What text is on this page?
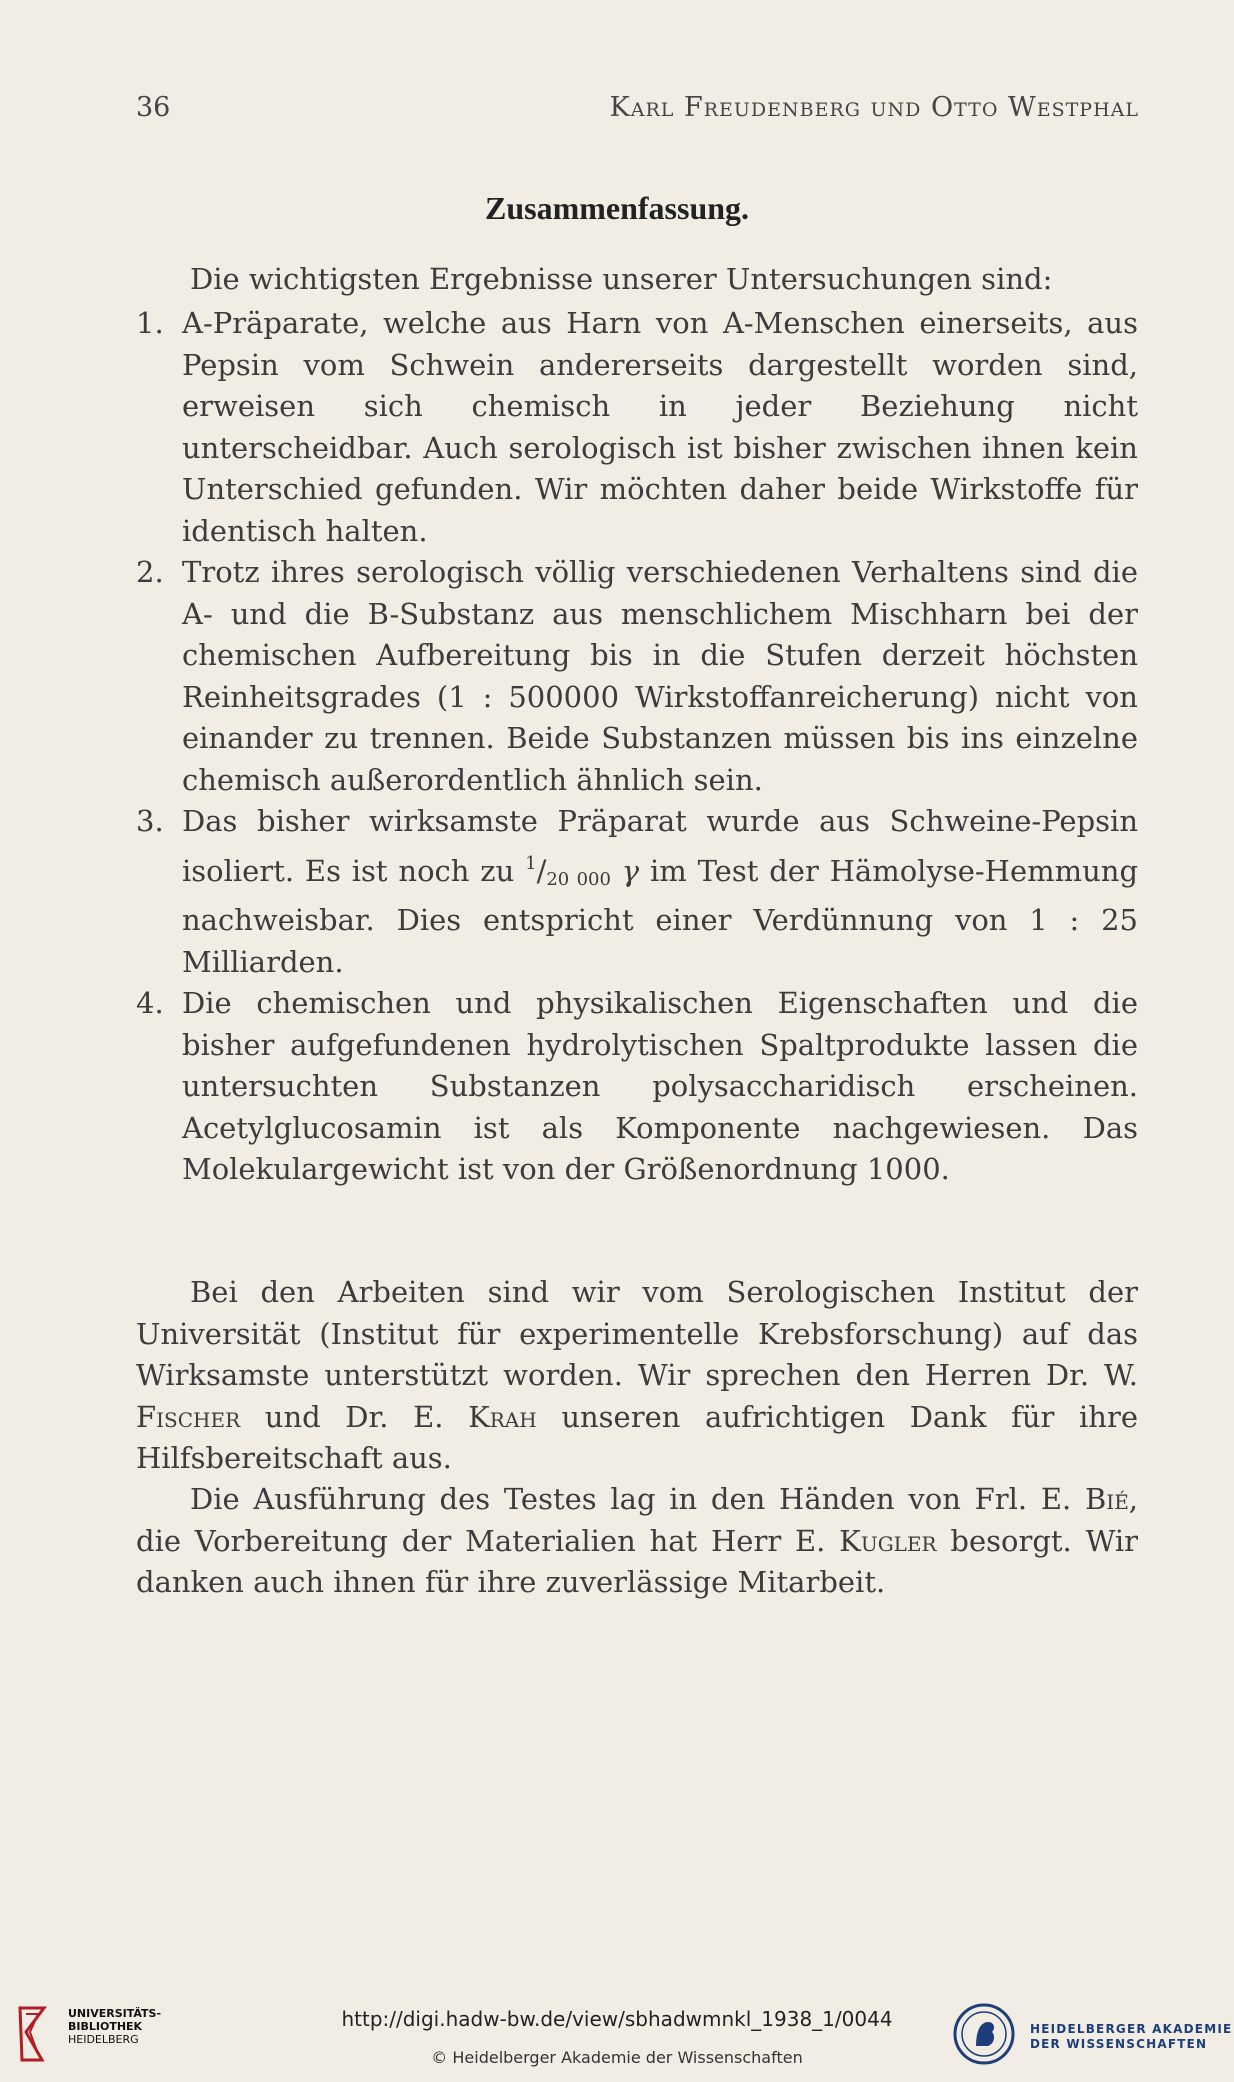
36	Karl Freudenberg und Otto Westphal
Zusammenfassung.

Die wichtigsten Ergebnisse unserer Untersuchungen sind:

1. A-Präparate, welche aus Harn von A-Menschen einerseits, aus Pepsin vom Schwein andererseits dargestellt worden sind, erweisen sich chemisch in jeder Beziehung nicht unterscheidbar. Auch serologisch ist bisher zwischen ihnen kein Unterschied gefunden. Wir möchten daher beide Wirkstoffe für identisch halten.
2. Trotz ihres serologisch völlig verschiedenen Verhaltens sind die A- und die B-Substanz aus menschlichem Mischharn bei der chemischen Aufbereitung bis in die Stufen derzeit höchsten Reinheitsgrades (1 : 500000 Wirkstoffanreicherung) nicht von einander zu trennen. Beide Substanzen müssen bis ins einzelne chemisch außerordentlich ähnlich sein.
3. Das bisher wirksamste Präparat wurde aus Schweine-Pepsin isoliert. Es ist noch zu $^1/_{20 000}$ γ im Test der Hämolyse-Hemmung nachweisbar. Dies entspricht einer Verdünnung von 1 : 25 Milliarden.
4. Die chemischen und physikalischen Eigenschaften und die bisher aufgefundenen hydrolytischen Spaltprodukte lassen die untersuchten Substanzen polysaccharidisch erscheinen. Acetylglucosamin ist als Komponente nachgewiesen. Das Molekulargewicht ist von der Größenordnung 1000.

Bei den Arbeiten sind wir vom Serologischen Institut der Universität (Institut für experimentelle Krebsforschung) auf das Wirksamste unterstützt worden. Wir sprechen den Herren Dr. W. Fischer und Dr. E. Krah unseren aufrichtigen Dank für ihre Hilfsbereitschaft aus.

Die Ausführung des Testes lag in den Händen von Frl. E. Bié, die Vorbereitung der Materialien hat Herr E. Kugler besorgt. Wir danken auch ihnen für ihre zuverlässige Mitarbeit.

UNIVERSITÄTS-
BIBLIOTHEK
HEIDELBERG
http://digi.hadw-bw.de/view/sbhadwmnkl_1938_1/0044
© Heidelberger Akademie der Wissenschaften
HEIDELBERGER AKADEMIE
DER WISSENSCHAFTEN
